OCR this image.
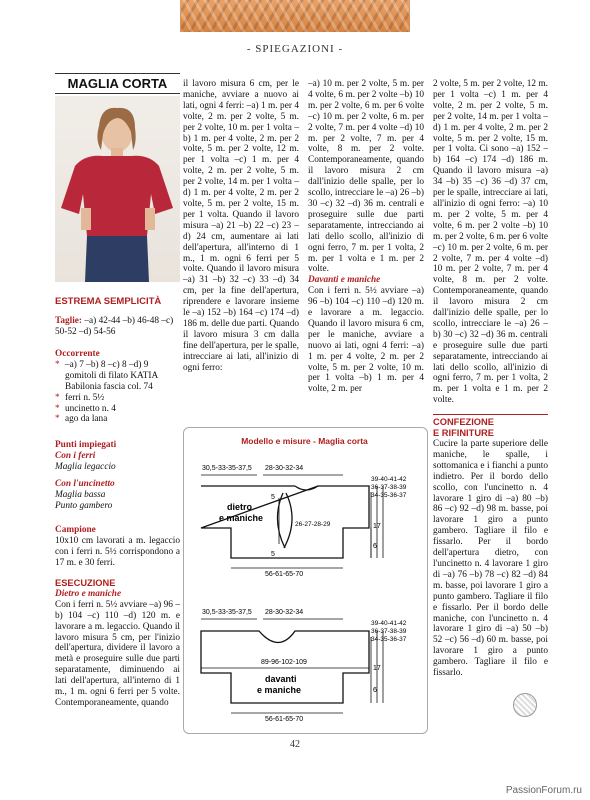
- SPIEGAZIONI -
MAGLIA CORTA
ESTREMA SEMPLICITÀ

Taglie: –a) 42-44 –b) 46-48 –c) 50-52 –d) 54-56

Occorrente

* –a) 7 –b) 8 –c) 8 –d) 9 gomitoli di filato KATIA Babilonia fascia col. 74

* ferri n. 5½

* uncinetto n. 4

* ago da lana

Punti impiegati

Con i ferri

Maglia legaccio

Con l'uncinetto

Maglia bassa

Punto gambero

Campione

10x10 cm lavorati a m. legaccio con i ferri n. 5½ corrispondono a 17 m. e 30 ferri.

ESECUZIONE

Dietro e maniche

Con i ferri n. 5½ avviare –a) 96 –b) 104 –c) 110 –d) 120 m. e lavorare a m. legaccio. Quando il lavoro misura 5 cm, per l'inizio dell'apertura, dividere il lavoro a metà e proseguire sulle due parti separatamente, diminuendo ai lati dell'apertura, all'interno di 1 m., 1 m. ogni 6 ferri per 5 volte. Contemporaneamente, quando

il lavoro misura 6 cm, per le maniche, avviare a nuovo ai lati, ogni 4 ferri: –a) 1 m. per 4 volte, 2 m. per 2 volte, 5 m. per 2 volte, 10 m. per 1 volta –b) 1 m. per 4 volte, 2 m. per 2 volte, 5 m. per 2 volte, 12 m. per 1 volta –c) 1 m. per 4 volte, 2 m. per 2 volte, 5 m. per 2 volte, 14 m. per 1 volta –d) 1 m. per 4 volte, 2 m. per 2 volte, 5 m. per 2 volte, 15 m. per 1 volta. Quando il lavoro misura –a) 21 –b) 22 –c) 23 –d) 24 cm, aumentare ai lati dell'apertura, all'interno di 1 m., 1 m. ogni 6 ferri per 5 volte. Quando il lavoro misura –a) 31 –b) 32 –c) 33 –d) 34 cm, per la fine dell'apertura, riprendere e lavorare insieme le –a) 152 –b) 164 –c) 174 –d) 186 m. delle due parti. Quando il lavoro misura 3 cm dalla fine dell'apertura, per le spalle, intrecciare ai lati, all'inizio di ogni ferro:

–a) 10 m. per 2 volte, 5 m. per 4 volte, 6 m. per 2 volte –b) 10 m. per 2 volte, 6 m. per 6 volte –c) 10 m. per 2 volte, 6 m. per 2 volte, 7 m. per 4 volte –d) 10 m. per 2 volte, 7 m. per 4 volte, 8 m. per 2 volte. Contemporaneamente, quando il lavoro misura 2 cm dall'inizio delle spalle, per lo scollo, intrecciare le –a) 26 –b) 30 –c) 32 –d) 36 m. centrali e proseguire sulle due parti separatamente, intrecciando ai lati dello scollo, all'inizio di ogni ferro, 7 m. per 1 volta, 2 m. per 1 volta e 1 m. per 2 volte.

Davanti e maniche

Con i ferri n. 5½ avviare –a) 96 –b) 104 –c) 110 –d) 120 m. e lavorare a m. legaccio. Quando il lavoro misura 6 cm, per le maniche, avviare a nuovo ai lati, ogni 4 ferri: –a) 1 m. per 4 volte, 2 m. per 2 volte, 5 m. per 2 volte, 10 m. per 1 volta –b) 1 m. per 4 volte, 2 m. per

2 volte, 5 m. per 2 volte, 12 m. per 1 volta –c) 1 m. per 4 volte, 2 m. per 2 volte, 5 m. per 2 volte, 14 m. per 1 volta –d) 1 m. per 4 volte, 2 m. per 2 volte, 5 m. per 2 volte, 15 m. per 1 volta. Ci sono –a) 152 –b) 164 –c) 174 –d) 186 m. Quando il lavoro misura –a) 34 –b) 35 –c) 36 –d) 37 cm, per le spalle, intrecciare ai lati, all'inizio di ogni ferro: –a) 10 m. per 2 volte, 5 m. per 4 volte, 6 m. per 2 volte –b) 10 m. per 2 volte, 6 m. per 6 volte –c) 10 m. per 2 volte, 6 m. per 2 volte, 7 m. per 4 volte –d) 10 m. per 2 volte, 7 m. per 4 volte, 8 m. per 2 volte. Contemporaneamente, quando il lavoro misura 2 cm dall'inizio delle spalle, per lo scollo, intrecciare le –a) 26 –b) 30 –c) 32 –d) 36 m. centrali e proseguire sulle due parti separatamente, intrecciando ai lati dello scollo, all'inizio di ogni ferro, 7 m. per 1 volta, 2 m. per 1 volta e 1 m. per 2 volte.

CONFEZIONE

E RIFINITURE

Cucire la parte superiore delle maniche, le spalle, i sottomanica e i fianchi a punto indietro. Per il bordo dello scollo, con l'uncinetto n. 4 lavorare 1 giro di –a) 80 –b) 86 –c) 92 –d) 98 m. basse, poi lavorare 1 giro a punto gambero. Tagliare il filo e fissarlo. Per il bordo dell'apertura dietro, con l'uncinetto n. 4 lavorare 1 giro di –a) 76 –b) 78 –c) 82 –d) 84 m. basse, poi lavorare 1 giro a punto gambero. Tagliare il filo e fissarlo. Per il bordo delle maniche, con l'uncinetto n. 4 lavorare 1 giro di –a) 50 –b) 52 –c) 56 –d) 60 m. basse, poi lavorare 1 giro a punto gambero. Tagliare il filo e fissarlo.

Modello e misure - Maglia corta
30,5-33-35-37,5 28-30-32-34
39-40-41-42
36-37-38-39
34-35-36-37
dietro
e maniche
5
5
26-27-28-29	17
6
56-61-65-70
30,5-33-35-37,5 28-30-32-34
39-40-41-42
36-37-38-39
34-35-36-37
89-96-102-109
davanti
e maniche
17
6
56-61-65-70
42
PassionForum.ru
